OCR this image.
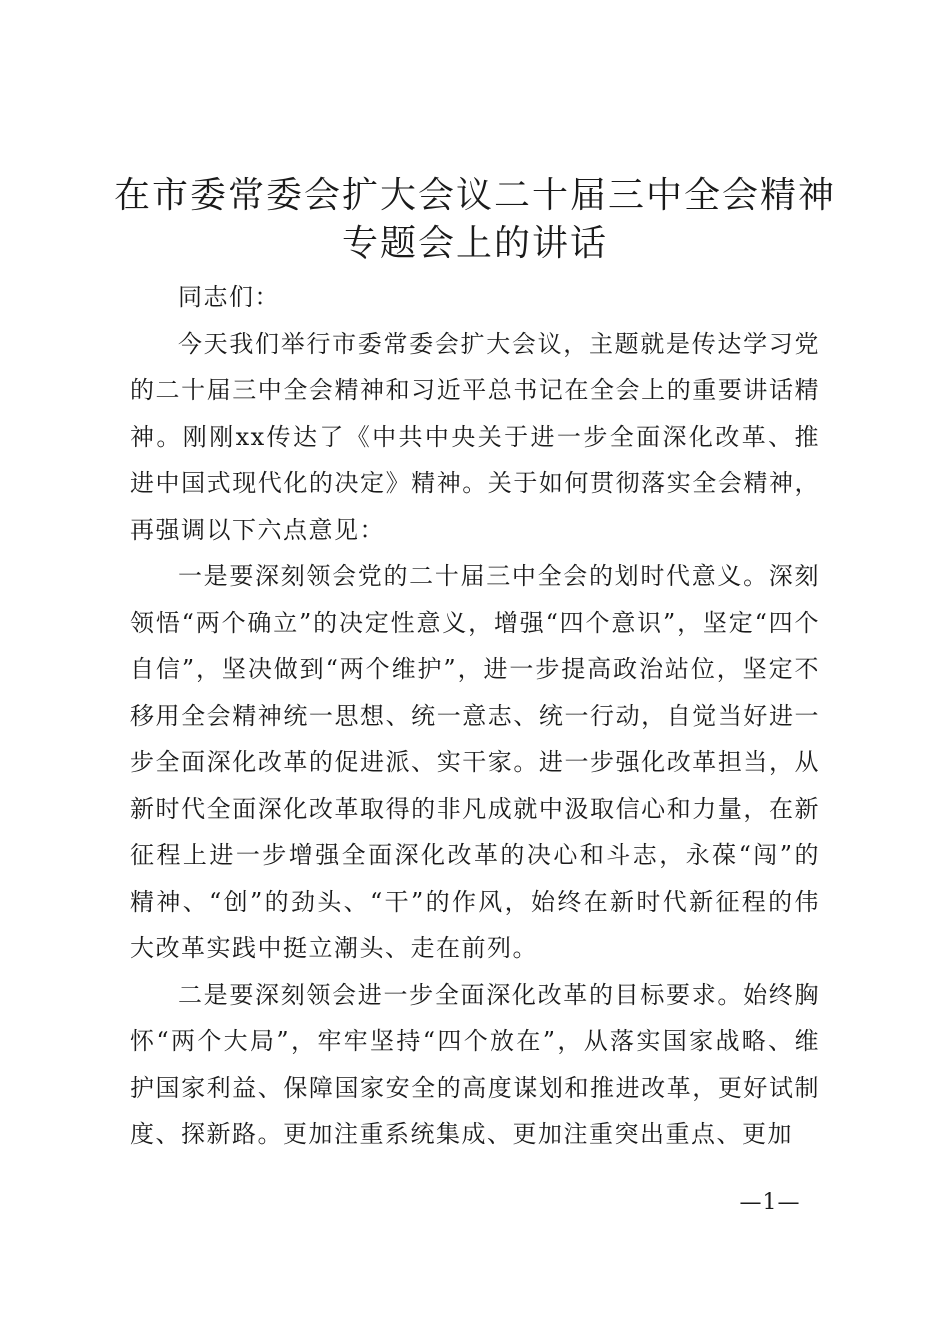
在市委常委会扩大会议二十届三中全会精神专题会上的讲话

同志们：

今天我们举行市委常委会扩大会议，主题就是传达学习党的二十届三中全会精神和习近平总书记在全会上的重要讲话精神。刚刚xx传达了《中共中央关于进一步全面深化改革、推进中国式现代化的决定》精神。关于如何贯彻落实全会精神，再强调以下六点意见：

一是要深刻领会党的二十届三中全会的划时代意义。深刻领悟“两个确立”的决定性意义，增强“四个意识”，坚定“四个自信”，坚决做到“两个维护”，进一步提高政治站位，坚定不移用全会精神统一思想、统一意志、统一行动，自觉当好进一步全面深化改革的促进派、实干家。进一步强化改革担当，从新时代全面深化改革取得的非凡成就中汲取信心和力量，在新征程上进一步增强全面深化改革的决心和斗志，永葆“闯”的精神、“创”的劲头、“干”的作风，始终在新时代新征程的伟大改革实践中挺立潮头、走在前列。

二是要深刻领会进一步全面深化改革的目标要求。始终胸怀“两个大局”，牢牢坚持“四个放在”，从落实国家战略、维护国家利益、保障国家安全的高度谋划和推进改革，更好试制度、探新路。更加注重系统集成、更加注重突出重点、更加

—1—
